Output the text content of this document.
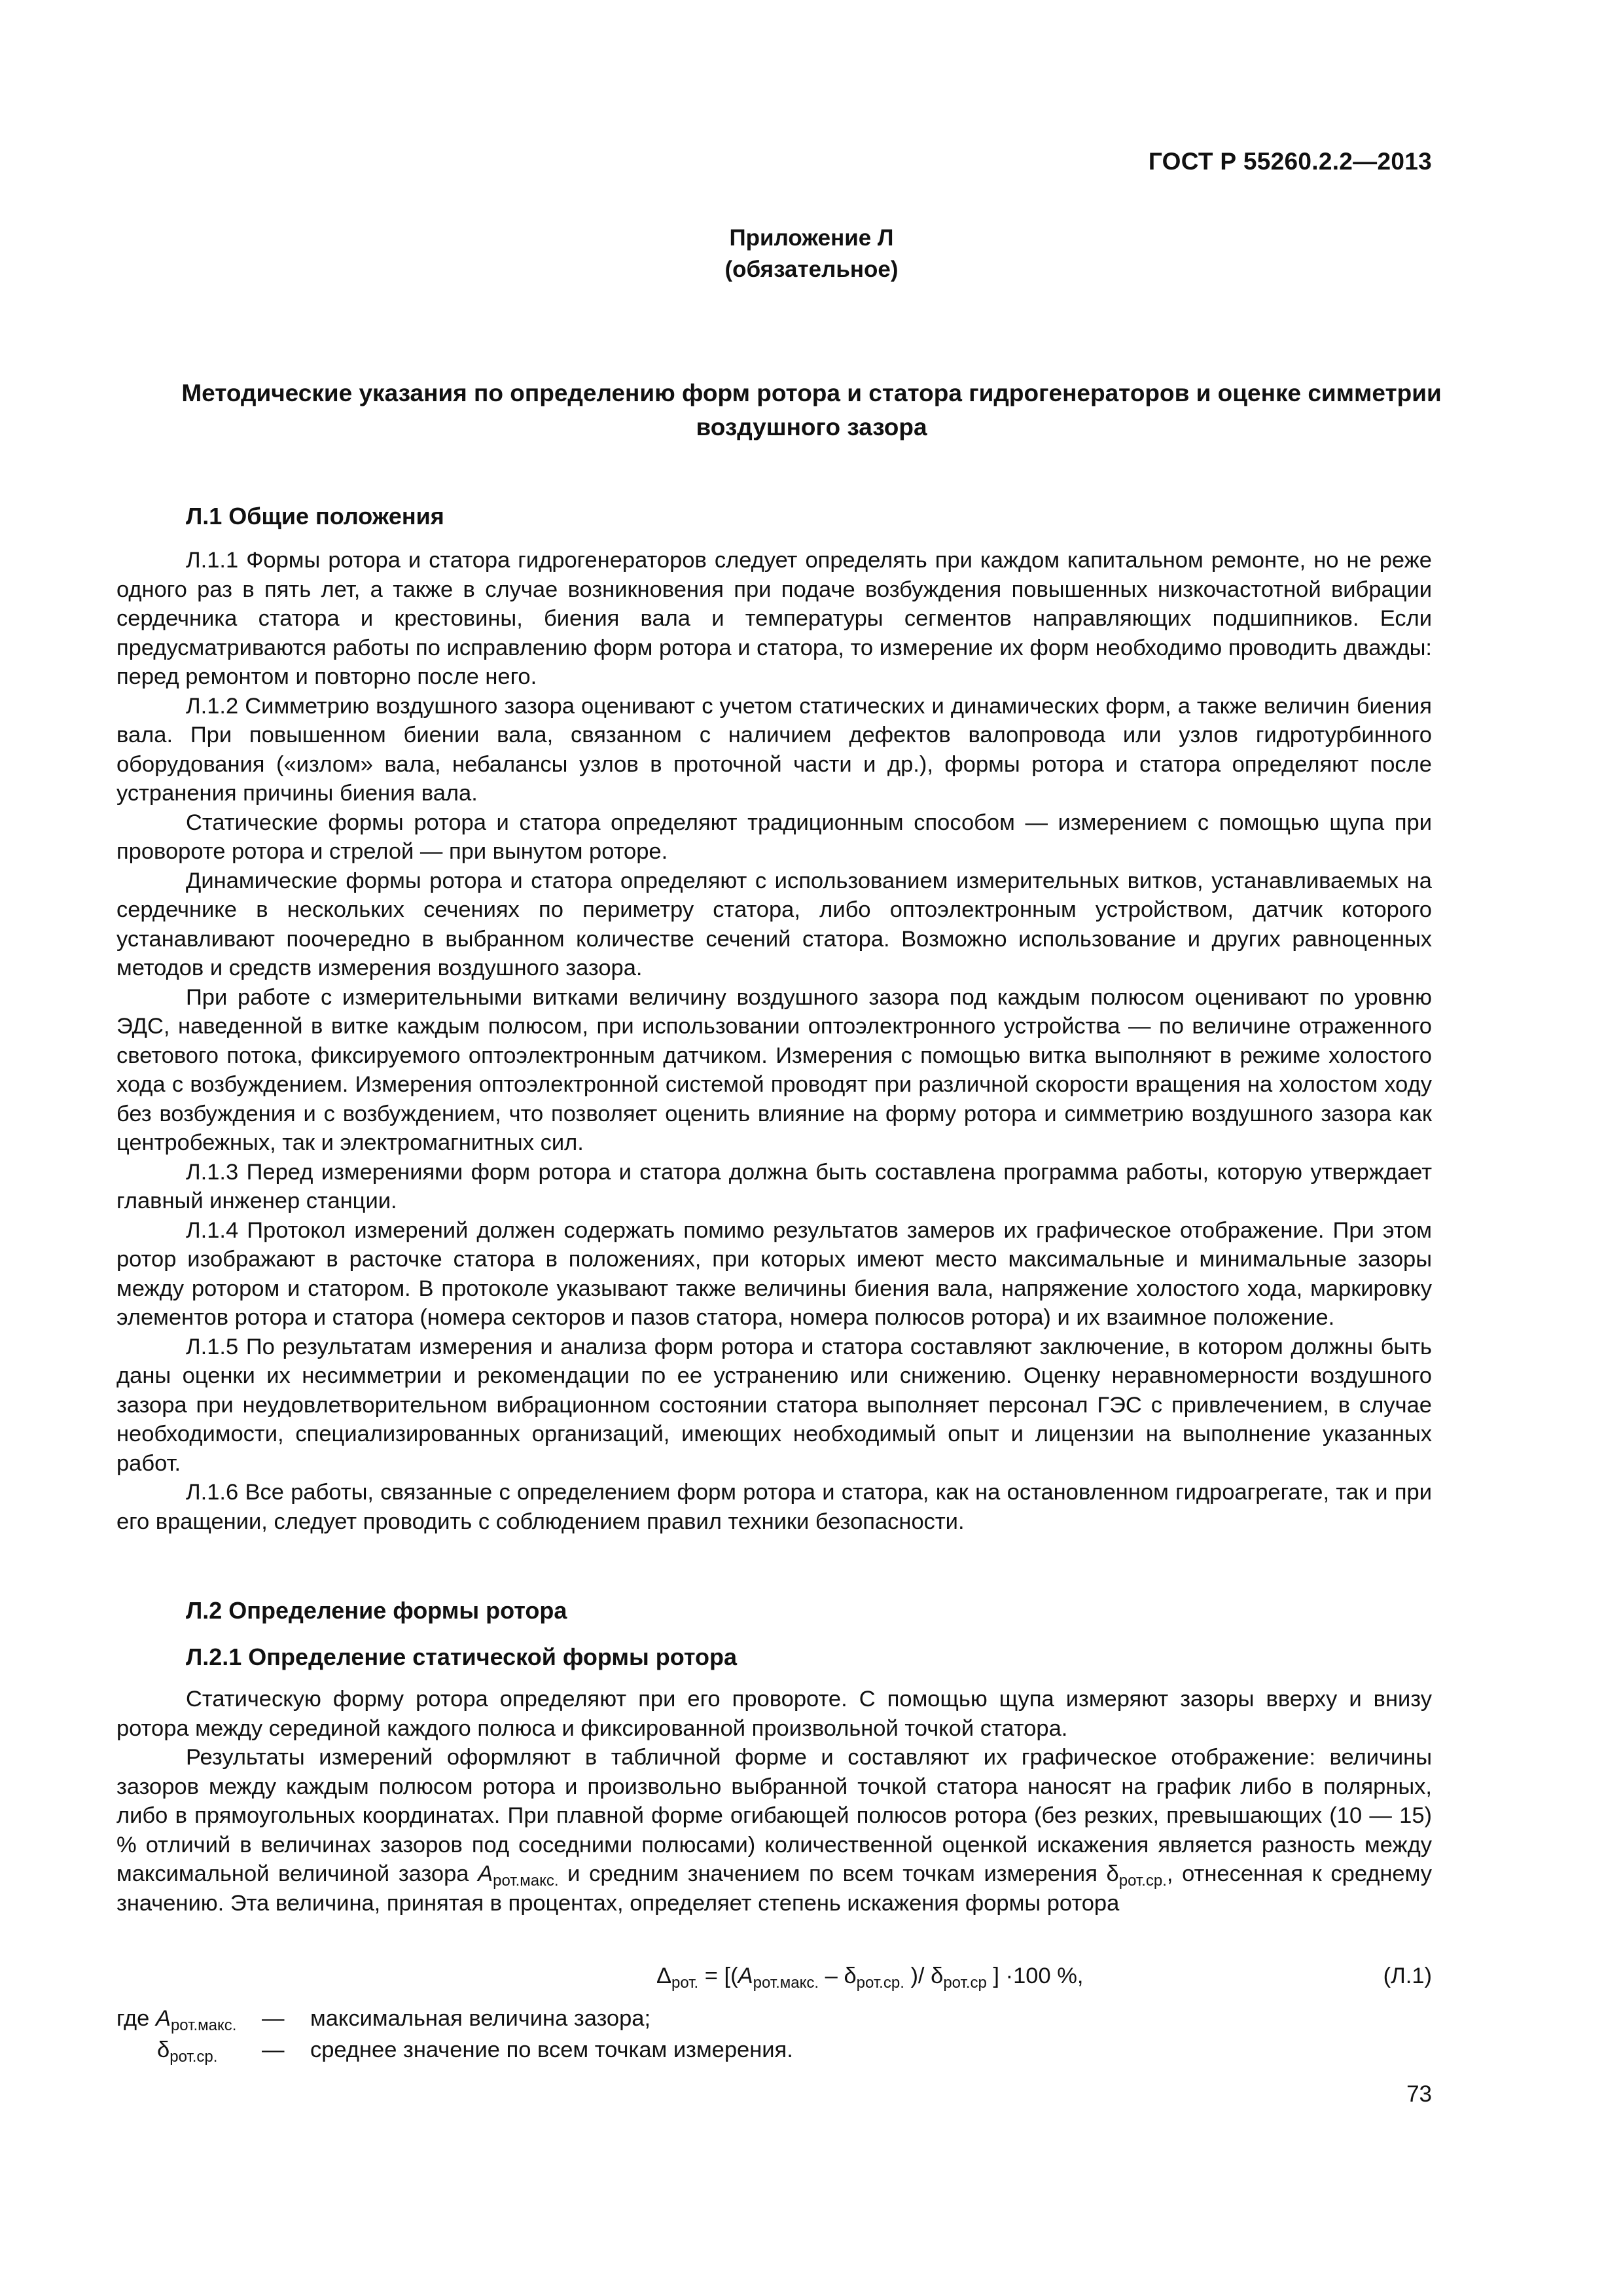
ГОСТ Р 55260.2.2—2013
Приложение Л
(обязательное)
Методические указания по определению форм ротора и статора гидрогенераторов и оценке симметрии воздушного зазора
Л.1 Общие положения
Л.1.1 Формы ротора и статора гидрогенераторов следует определять при каждом капитальном ремонте, но не реже одного раз в пять лет, а также в случае возникновения при подаче возбуждения повышенных низкочастотной вибрации сердечника статора и крестовины, биения вала и температуры сегментов направляющих подшипников. Если предусматриваются работы по исправлению форм ротора и статора, то измерение их форм необходимо проводить дважды: перед ремонтом и повторно после него.
Л.1.2 Симметрию воздушного зазора оценивают с учетом статических и динамических форм, а также величин биения вала. При повышенном биении вала, связанном с наличием дефектов валопровода или узлов гидротурбинного оборудования («излом» вала, небалансы узлов в проточной части и др.), формы ротора и статора определяют после устранения причины биения вала.
Статические формы ротора и статора определяют традиционным способом — измерением с помощью щупа при провороте ротора и стрелой — при вынутом роторе.
Динамические формы ротора и статора определяют с использованием измерительных витков, устанавливаемых на сердечнике в нескольких сечениях по периметру статора, либо оптоэлектронным устройством, датчик которого устанавливают поочередно в выбранном количестве сечений статора. Возможно использование и других равноценных методов и средств измерения воздушного зазора.
При работе с измерительными витками величину воздушного зазора под каждым полюсом оценивают по уровню ЭДС, наведенной в витке каждым полюсом, при использовании оптоэлектронного устройства — по величине отраженного светового потока, фиксируемого оптоэлектронным датчиком. Измерения с помощью витка выполняют в режиме холостого хода с возбуждением. Измерения оптоэлектронной системой проводят при различной скорости вращения на холостом ходу без возбуждения и с возбуждением, что позволяет оценить влияние на форму ротора и симметрию воздушного зазора как центробежных, так и электромагнитных сил.
Л.1.3 Перед измерениями форм ротора и статора должна быть составлена программа работы, которую утверждает главный инженер станции.
Л.1.4 Протокол измерений должен содержать помимо результатов замеров их графическое отображение. При этом ротор изображают в расточке статора в положениях, при которых имеют место максимальные и минимальные зазоры между ротором и статором. В протоколе указывают также величины биения вала, напряжение холостого хода, маркировку элементов ротора и статора (номера секторов и пазов статора, номера полюсов ротора) и их взаимное положение.
Л.1.5 По результатам измерения и анализа форм ротора и статора составляют заключение, в котором должны быть даны оценки их несимметрии и рекомендации по ее устранению или снижению. Оценку неравномерности воздушного зазора при неудовлетворительном вибрационном состоянии статора выполняет персонал ГЭС с привлечением, в случае необходимости, специализированных организаций, имеющих необходимый опыт и лицензии на выполнение указанных работ.
Л.1.6 Все работы, связанные с определением форм ротора и статора, как на остановленном гидроагрегате, так и при его вращении, следует проводить с соблюдением правил техники безопасности.
Л.2 Определение формы ротора
Л.2.1 Определение статической формы ротора
Статическую форму ротора определяют при его провороте. С помощью щупа измеряют зазоры вверху и внизу ротора между серединой каждого полюса и фиксированной произвольной точкой статора.
Результаты измерений оформляют в табличной форме и составляют их графическое отображение: величины зазоров между каждым полюсом ротора и произвольно выбранной точкой статора наносят на график либо в полярных, либо в прямоугольных координатах. При плавной форме огибающей полюсов ротора (без резких, превышающих (10 — 15) % отличий в величинах зазоров под соседними полюсами) количественной оценкой искажения является разность между максимальной величиной зазора $A_{рот.макс.}$ и средним значением по всем точкам измерения $\delta_{рот.ср.}$, отнесенная к среднему значению. Эта величина, принятая в процентах, определяет степень искажения формы ротора
$\Delta_{рот.} = [(A_{рот.макс.} - \delta_{рот.ср.}$ )/ $\delta_{рот.ср}$ ] ·100 %,	(Л.1)
где $A_{рот.макс.}$ — максимальная величина зазора;
$\delta_{рот.ср.}$ — среднее значение по всем точкам измерения.
73
